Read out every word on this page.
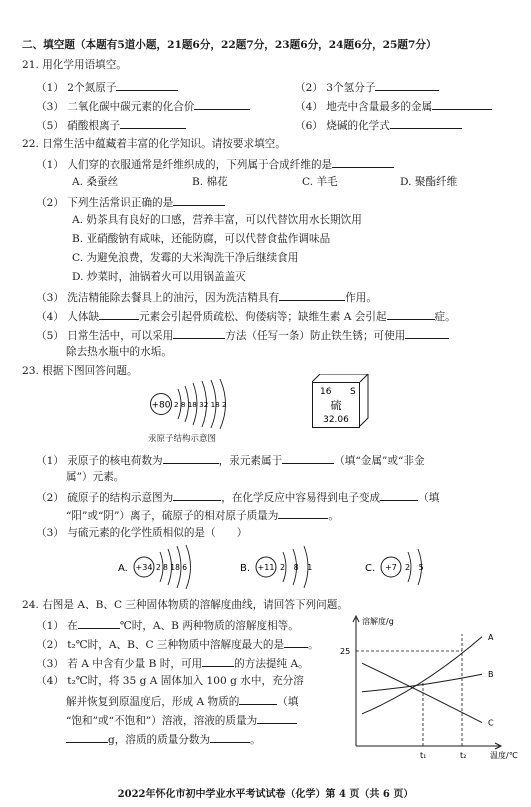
二、填空题（本题有5道小题，21题6分，22题7分，23题6分，24题6分，25题7分）
21. 用化学用语填空。
（1） 2个氮原子	（2） 3个氢分子
（3） 二氧化碳中碳元素的化合价	（4） 地壳中含量最多的金属
（5） 硝酸根离子	（6） 烧碱的化学式
22. 日常生活中蕴藏着丰富的化学知识。请按要求填空。
（1） 人们穿的衣服通常是纤维织成的，下列属于合成纤维的是
A. 桑蚕丝	B. 棉花	C. 羊毛	D. 聚酯纤维
（2） 下列生活常识正确的是
A. 奶茶具有良好的口感，营养丰富，可以代替饮用水长期饮用
B. 亚硝酸钠有咸味，还能防腐，可以代替食盐作调味品
C. 为避免浪费，发霉的大米淘洗干净后继续食用
D. 炒菜时，油锅着火可以用锅盖盖灭
（3） 洗洁精能除去餐具上的油污，因为洗洁精具有	作用。
（4） 人体缺	元素会引起骨质疏松、佝偻病等；缺维生素 A 会引起	症。
（5） 日常生活中，可以采用	方法（任写一条）防止铁生锈；可使用
除去热水瓶中的水垢。
23. 根据下图回答问题。
+80 2 8 18 32 18 2
汞原子结构示意图
16 S
硫
32.06
（1） 汞原子的核电荷数为	，汞元素属于	（填“金属”或“非金
属”）元素。
（2） 硫原子的结构示意图为	，在化学反应中容易得到电子变成	（填
“阳”或“阴”）离子，硫原子的相对原子质量为	。
（3） 与硫元素的化学性质相似的是（　　）
A. +34 2 8 18 6	B. +11 2 8 1	C. +7 2 5
24. 右图是 A、B、C 三种固体物质的溶解度曲线，请回答下列问题。
（1） 在	℃时，A、B 两种物质的溶解度相等。
（2） t₂℃时，A、B、C 三种物质中溶解度最大的是 。
（3） 若 A 中含有少量 B 时，可用	的方法提纯 A。
（4） t₂℃时，将 35 g A 固体加入 100 g 水中，充分溶
解并恢复到原温度后，形成 A 物质的	（填
“饱和”或“不饱和”）溶液，溶液的质量为
g，溶质的质量分数为	。
溶解度/g
温度/℃
25
t₁	t₂
A
B
C
2022年怀化市初中学业水平考试试卷（化学）第 4 页（共 6 页）
